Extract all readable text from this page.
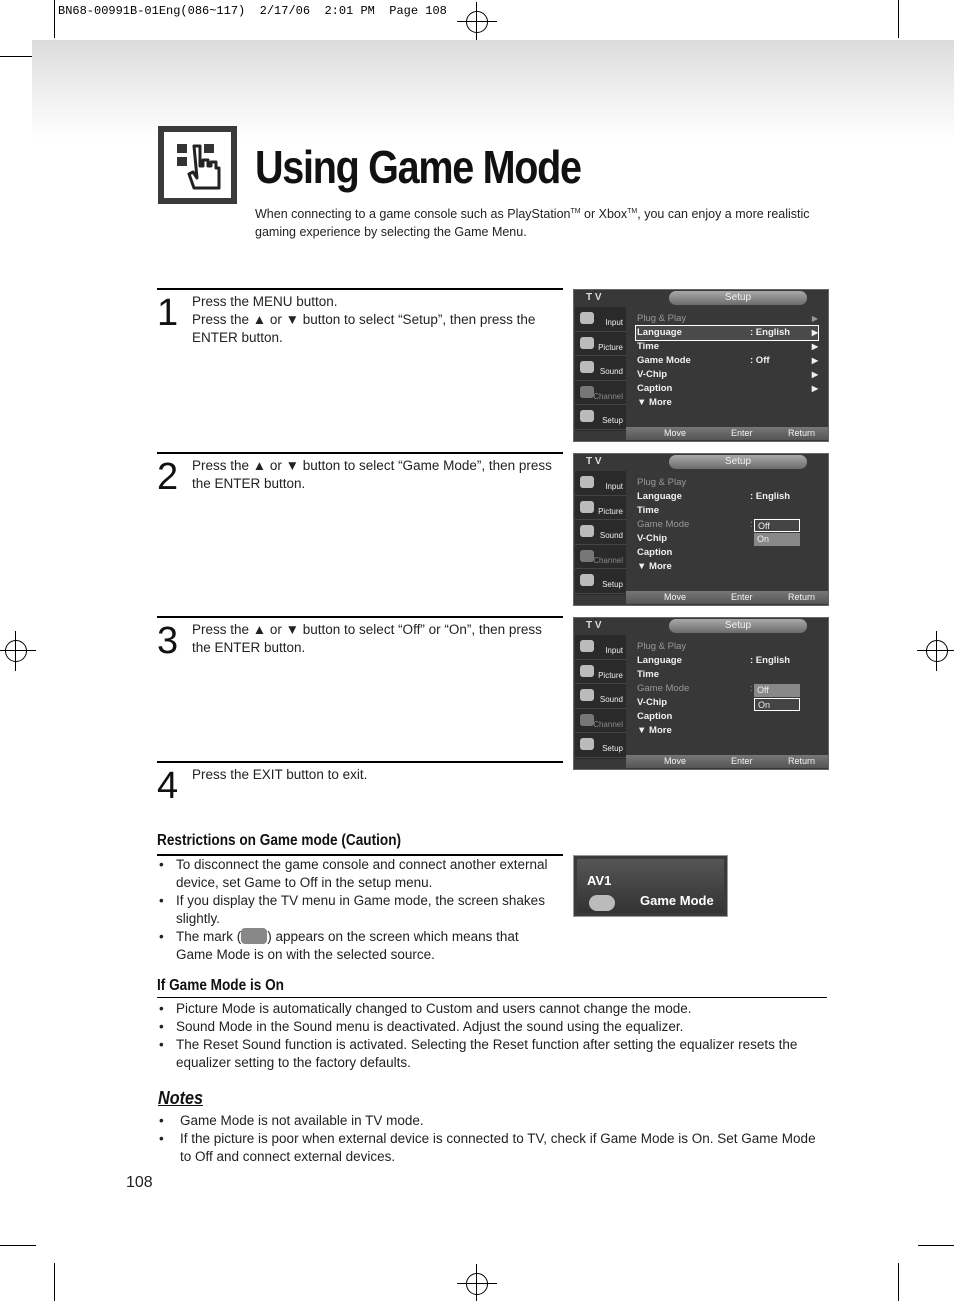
BN68-00991B-01Eng(086~117)  2/17/06  2:01 PM  Page 108
Using Game Mode

When connecting to a game console such as PlayStation™ or Xbox™, you can enjoy a more realistic gaming experience by selecting the Game Menu.

1 Press the MENU button.
Press the ▲ or ▼ button to select “Setup”, then press the ENTER button.
2 Press the ▲ or ▼ button to select “Game Mode”, then press the ENTER button.
3 Press the ▲ or ▼ button to select “Off” or “On”, then press the ENTER button.
4 Press the EXIT button to exit.
T V	Setup
Input
Picture
Sound
Channel
Setup
Plug & Play	▶
Language	: English	▶
Time	▶
Game Mode	: Off	▶
V-Chip	▶
Caption	▶
▼ More
Move	Enter	Return
T V	Setup
Input
Picture
Sound
Channel
Setup
Plug & Play
Language	: English
Time
Game Mode	:
V-Chip
Caption
▼ More
Off
On
Move	Enter	Return
T V	Setup
Input
Picture
Sound
Channel
Setup
Plug & Play
Language	: English
Time
Game Mode	:
V-Chip
Caption
▼ More
Off
On
Move	Enter	Return
Restrictions on Game mode (Caution)
• To disconnect the game console and connect another external device, set Game to Off in the setup menu.
• If you display the TV menu in Game mode, the screen shakes slightly.
• The mark ( ) appears on the screen which means that Game Mode is on with the selected source.
AV1
Game Mode
If Game Mode is On
• Picture Mode is automatically changed to Custom and users cannot change the mode.
• Sound Mode in the Sound menu is deactivated. Adjust the sound using the equalizer.
• The Reset Sound function is activated. Selecting the Reset function after setting the equalizer resets the equalizer setting to the factory defaults.
Notes
• Game Mode is not available in TV mode.
• If the picture is poor when external device is connected to TV, check if Game Mode is On. Set Game Mode to Off and connect external devices.
108
